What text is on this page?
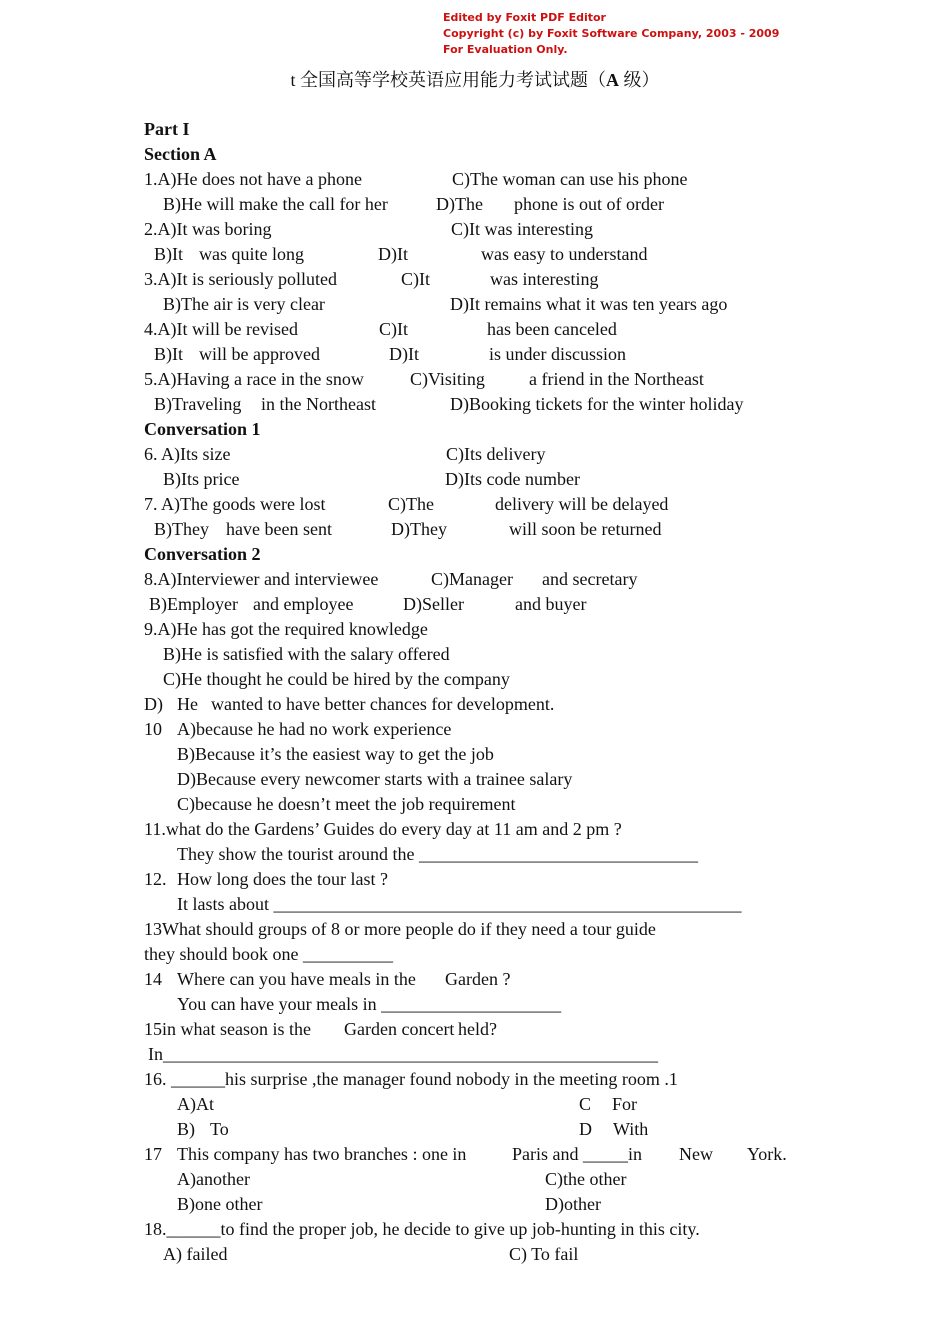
Edited by Foxit PDF Editor
Copyright (c) by Foxit Software Company, 2003 - 2009
For Evaluation Only.
t 全国高等学校英语应用能力考试试题（A 级）
Part I
Section A
1.A)He does not have a phone	C)The woman can use his phone
B)He will make the call for her	D)The phone is out of order
2.A)It was boring	C)It was interesting
B)It was quite long	D)It	was easy to understand
3.A)It is seriously polluted	C)It	was interesting
B)The air is very clear	D)It remains what it was ten years ago
4.A)It will be revised	C)It	has been canceled
B)It will be approved	D)It	is under discussion
5.A)Having a race in the snow	C)Visiting a friend in the Northeast
B)Traveling in the Northeast	D)Booking tickets for the winter holiday
Conversation 1
6. A)Its size	C)Its delivery
B)Its price	D)Its code number
7. A)The goods were lost	C)The	delivery will be delayed
B)They have been sent	D)They	will soon be returned
Conversation 2
8.A)Interviewer and interviewee	C)Manager and secretary
B)Employer and employee	D)Seller	and buyer
9.A)He has got the required knowledge
B)He is satisfied with the salary offered
C)He thought he could be hired by the company
D) He wanted to have better chances for development.
10 A)because he had no work experience
B)Because it’s the easiest way to get the job
D)Because every newcomer starts with a trainee salary
C)because he doesn’t meet the job requirement
11.what do the Gardens’ Guides do every day at 11 am and 2 pm ?
They show the tourist around the _______________________________
12. How long does the tour last ?
It lasts about ____________________________________________________
13What should groups of 8 or more people do if they need a tour guide
they should book one __________
14 Where can you have meals in the Garden ?
You can have your meals in ____________________
15in what season is the Garden concert held?
In_______________________________________________________
16. ______his surprise ,the manager found nobody in the meeting room .1
A)At	C For
B) To	D With
17 This company has two branches : one in	Paris and _____in New York.
A)another	C)the other
B)one other	D)other
18.______to find the proper job, he decide to give up job-hunting in this city.
A) failed	C) To fail
